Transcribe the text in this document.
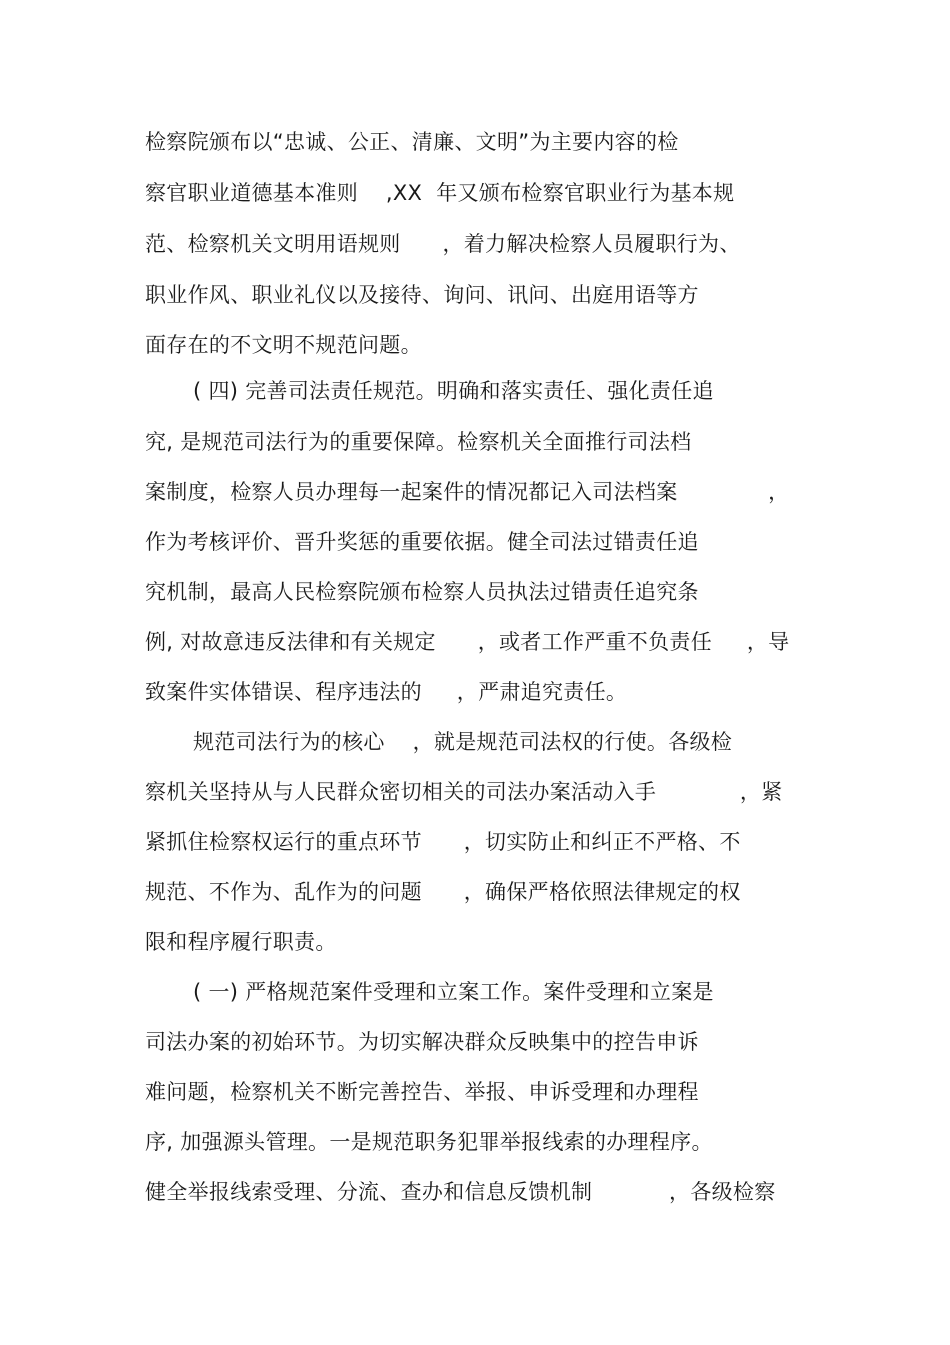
检察院颁布以“忠诚、公正、清廉、文明”为主要内容的检
察官职业道德基本准则    ,XX  年又颁布检察官职业行为基本规
范、检察机关文明用语规则      ，着力解决检察人员履职行为、
职业作风、职业礼仪以及接待、询问、讯问、出庭用语等方
面存在的不文明不规范问题。
( 四) 完善司法责任规范。明确和落实责任、强化责任追
究, 是规范司法行为的重要保障。检察机关全面推行司法档
案制度，检察人员办理每一起案件的情况都记入司法档案             ，
作为考核评价、晋升奖惩的重要依据。健全司法过错责任追
究机制，最高人民检察院颁布检察人员执法过错责任追究条
例, 对故意违反法律和有关规定      ，或者工作严重不负责任     ，导
致案件实体错误、程序违法的     ，严肃追究责任。
规范司法行为的核心    ，就是规范司法权的行使。各级检
察机关坚持从与人民群众密切相关的司法办案活动入手            ，紧
紧抓住检察权运行的重点环节      ，切实防止和纠正不严格、不
规范、不作为、乱作为的问题      ，确保严格依照法律规定的权
限和程序履行职责。
( 一) 严格规范案件受理和立案工作。案件受理和立案是
司法办案的初始环节。为切实解决群众反映集中的控告申诉
难问题，检察机关不断完善控告、举报、申诉受理和办理程
序, 加强源头管理。一是规范职务犯罪举报线索的办理程序。
健全举报线索受理、分流、查办和信息反馈机制           ，各级检察
